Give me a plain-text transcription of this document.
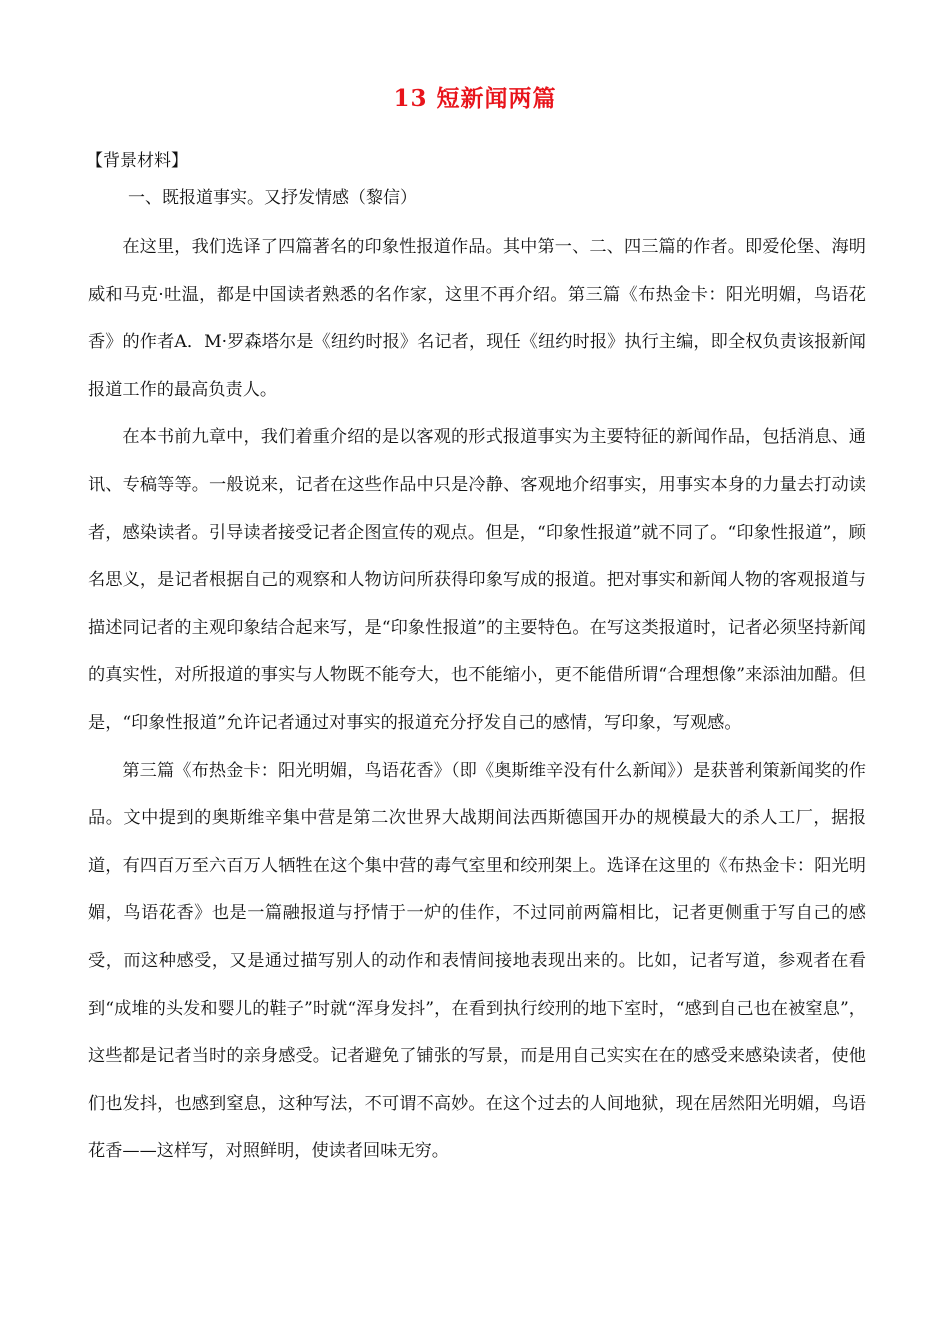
13 短新闻两篇
【背景材料】
一、既报道事实。又抒发情感（黎信）

在这里，我们选译了四篇著名的印象性报道作品。其中第一、二、四三篇的作者。即爱伦堡、海明威和马克·吐温，都是中国读者熟悉的名作家，这里不再介绍。第三篇《布热金卡：阳光明媚，鸟语花香》的作者A．M·罗森塔尔是《纽约时报》名记者，现任《纽约时报》执行主编，即全权负责该报新闻报道工作的最高负责人。

在本书前九章中，我们着重介绍的是以客观的形式报道事实为主要特征的新闻作品，包括消息、通讯、专稿等等。一般说来，记者在这些作品中只是冷静、客观地介绍事实，用事实本身的力量去打动读者，感染读者。引导读者接受记者企图宣传的观点。但是，“印象性报道”就不同了。“印象性报道”，顾名思义，是记者根据自己的观察和人物访问所获得印象写成的报道。把对事实和新闻人物的客观报道与描述同记者的主观印象结合起来写，是“印象性报道”的主要特色。在写这类报道时，记者必须坚持新闻的真实性，对所报道的事实与人物既不能夸大，也不能缩小，更不能借所谓“合理想像”来添油加醋。但是，“印象性报道”允许记者通过对事实的报道充分抒发自己的感情，写印象，写观感。

第三篇《布热金卡：阳光明媚，鸟语花香》（即《奥斯维辛没有什么新闻》）是获普利策新闻奖的作品。文中提到的奥斯维辛集中营是第二次世界大战期间法西斯德国开办的规模最大的杀人工厂，据报道，有四百万至六百万人牺牲在这个集中营的毒气室里和绞刑架上。选译在这里的《布热金卡：阳光明媚，鸟语花香》也是一篇融报道与抒情于一炉的佳作，不过同前两篇相比，记者更侧重于写自己的感受，而这种感受，又是通过描写别人的动作和表情间接地表现出来的。比如，记者写道，参观者在看到“成堆的头发和婴儿的鞋子”时就“浑身发抖”，在看到执行绞刑的地下室时，“感到自己也在被窒息”，这些都是记者当时的亲身感受。记者避免了铺张的写景，而是用自己实实在在的感受来感染读者，使他们也发抖，也感到窒息，这种写法，不可谓不高妙。在这个过去的人间地狱，现在居然阳光明媚，鸟语花香——这样写，对照鲜明，使读者回味无穷。
